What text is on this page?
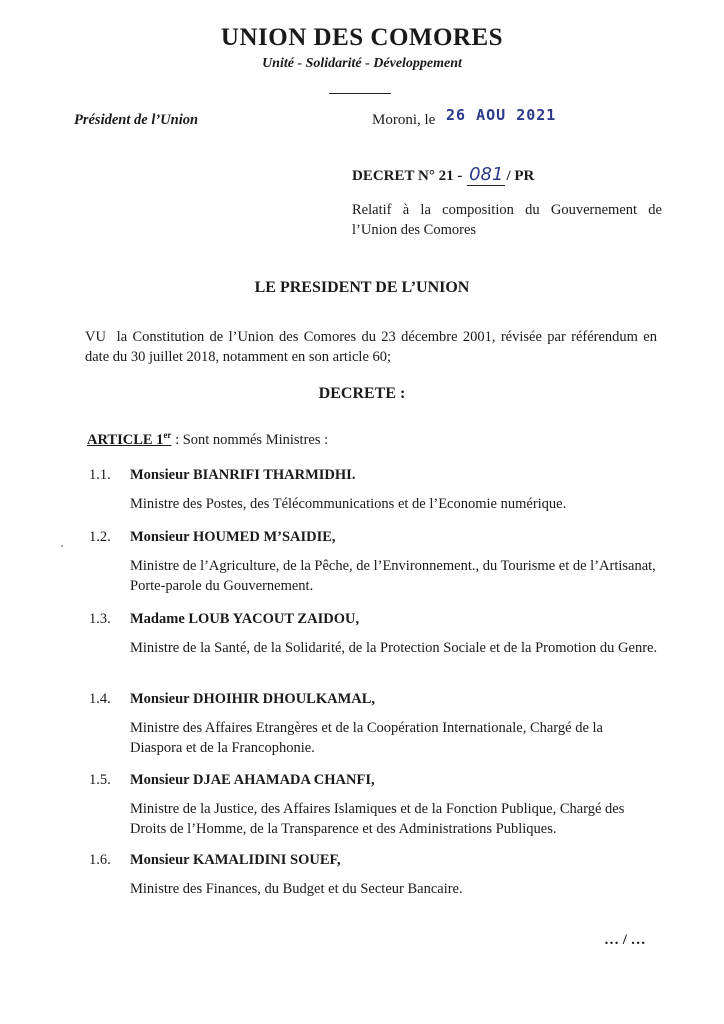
UNION DES COMORES
Unité - Solidarité - Développement
Président de l’Union	Moroni, le 26 AOU 2021
DECRET N° 21 - 081 / PR
Relatif à la composition du Gouvernement de l’Union des Comores
LE PRESIDENT DE L’UNION
VU la Constitution de l’Union des Comores du 23 décembre 2001, révisée par référendum en date du 30 juillet 2018, notamment en son article 60;
DECRETE :
ARTICLE 1er : Sont nommés Ministres :
1.1. Monsieur BIANRIFI THARMIDHI.
Ministre des Postes, des Télécommunications et de l’Economie numérique.
1.2. Monsieur HOUMED M’SAIDIE,
Ministre de l’Agriculture, de la Pêche, de l’Environnement., du Tourisme et de l’Artisanat, Porte-parole du Gouvernement.
1.3. Madame LOUB YACOUT ZAIDOU,
Ministre de la Santé, de la Solidarité, de la Protection Sociale et de la Promotion du Genre.
1.4. Monsieur DHOIHIR DHOULKAMAL,
Ministre des Affaires Etrangères et de la Coopération Internationale, Chargé de la Diaspora et de la Francophonie.
1.5. Monsieur DJAE AHAMADA CHANFI,
Ministre de la Justice, des Affaires Islamiques et de la Fonction Publique, Chargé des Droits de l’Homme, de la Transparence et des Administrations Publiques.
1.6. Monsieur KAMALIDINI SOUEF,
Ministre des Finances, du Budget et du Secteur Bancaire.
… / …
